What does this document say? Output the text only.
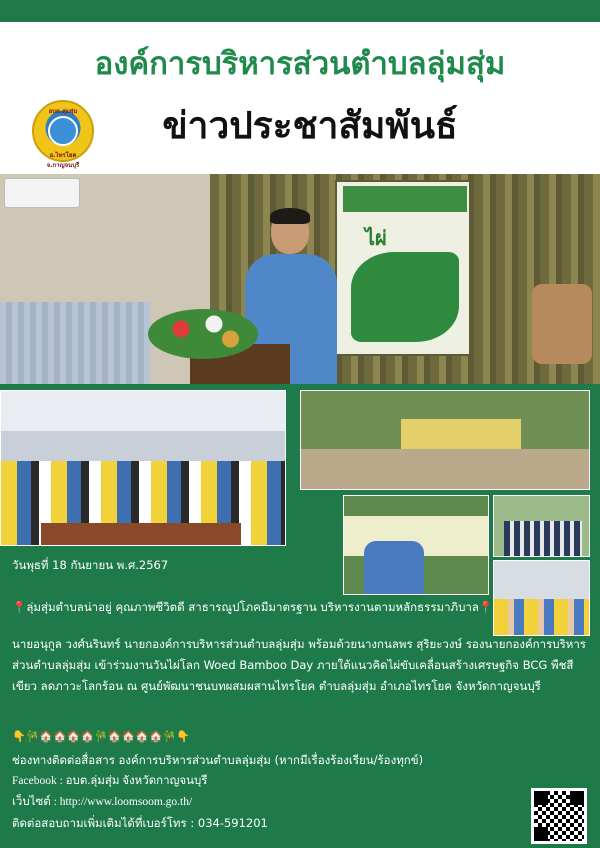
องค์การบริหารส่วนตำบลลุ่มสุ่ม
อบต.ลุ่มสุ่ม
อ.ไทรโยค จ.กาญจนบุรี
ข่าวประชาสัมพันธ์
ไผ่
วันพุธที่ 18 กันยายน พ.ศ.2567
📍ลุ่มสุ่มตำบลน่าอยู่ คุณภาพชีวิตดี สาธารณูปโภคมีมาตรฐาน บริหารงานตามหลักธรรมาภิบาล📍
นายอนุกูล วงศ์นรินทร์ นายกองค์การบริหารส่วนตำบลลุ่มสุ่ม พร้อมด้วยนางกนลพร สุริยะวงษ์ รองนายกองค์การบริหารส่วนตำบลลุ่มสุ่ม เข้าร่วมงานวันไผ่โลก Woed Bamboo Day ภายใต้แนวคิดไผ่ขับเคลื่อนสร้างเศรษฐกิจ BCG พืชสีเขียว ลดภาวะโลกร้อน ณ ศูนย์พัฒนาชนบทผสมผสานไทรโยค ตำบลลุ่มสุ่ม อำเภอไทรโยค จังหวัดกาญจนบุรี
👇🎋🏠🏠🏠🏠🎋🏠🏠🏠🏠🎋👇
ช่องทางติดต่อสื่อสาร องค์การบริหารส่วนตำบลลุ่มสุ่ม (หากมีเรื่องร้องเรียน/ร้องทุกข์)
Facebook : อบต.ลุ่มสุ่ม จังหวัดกาญจนบุรี
เว็บไซต์ : http://www.loomsoom.go.th/
ติดต่อสอบถามเพิ่มเติมได้ที่เบอร์โทร : 034-591201
